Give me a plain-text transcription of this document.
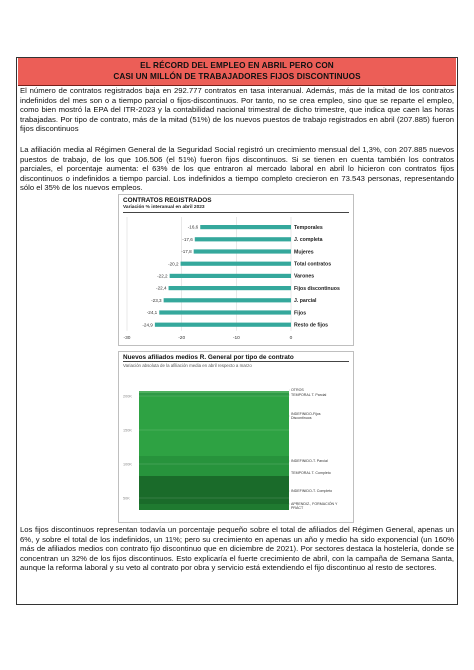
EL RÉCORD DEL EMPLEO EN ABRIL PERO CON
CASI UN MILLÓN DE TRABAJADORES FIJOS DISCONTINUOS
El número de contratos registrados baja en 292.777 contratos en tasa interanual. Además, más de la mitad de los contratos indefinidos del mes son o a tiempo parcial o fijos-discontinuos. Por tanto, no se crea empleo, sino que se reparte el empleo, como bien mostró la EPA del ITR-2023 y la contabilidad nacional trimestral de dicho trimestre, que indica que caen las horas trabajadas. Por tipo de contrato, más de la mitad (51%) de los nuevos puestos de trabajo registrados en abril (207.885) fueron fijos discontinuos
La afiliación media al Régimen General de la Seguridad Social registró un crecimiento mensual del 1,3%, con 207.885 nuevos puestos de trabajo, de los que 106.506 (el 51%) fueron fijos discontinuos. Si se tienen en cuenta también los contratos parciales, el porcentaje aumenta: el 63% de los que entraron al mercado laboral en abril lo hicieron con contratos fijos discontinuos o indefinidos a tiempo parcial. Los indefinidos a tiempo completo crecieron en 73.543 personas, representando sólo el 35% de los nuevos empleos.
CONTRATOS REGISTRADOS
Variación % interanual en abril 2023
-30	-20	-10	0
-16,6	Temporales
-17,6	J. completa
-17,8	Mujeres
-20,2	Total contratos
-22,2	Varones
-22,4	Fijos discontinuos
-23,3	J. parcial
-24,1	Fijos
-24,9	Resto de fijos
Nuevos afiliados medios R. General por tipo de contrato
Variación absoluta de la afiliación media en abril respecto a marzo
200K
150K
100K
50K
OTROS
TEMPORAL T. Parcial
INDEFINIDO-Fijos
Discontinuos
INDEFINIDO-T. Parcial
TEMPORAL T. Completo
INDEFINIDO-T. Completo
APRENDIZ., FORMACIÓN Y
PRÁCT
Los fijos discontinuos representan todavía un porcentaje pequeño sobre el total de afiliados del Régimen General, apenas un 6%, y sobre el total de los indefinidos, un 11%; pero su crecimiento en apenas un año y medio ha sido exponencial (un 160% más de afiliados medios con contrato fijo discontinuo que en diciembre de 2021). Por sectores destaca la hostelería, donde se concentran un 32% de los fijos discontinuos. Esto explicaría el fuerte crecimiento de abril, con la campaña de Semana Santa, aunque la reforma laboral y su veto al contrato por obra y servicio está extendiendo el fijo discontinuo al resto de sectores.
